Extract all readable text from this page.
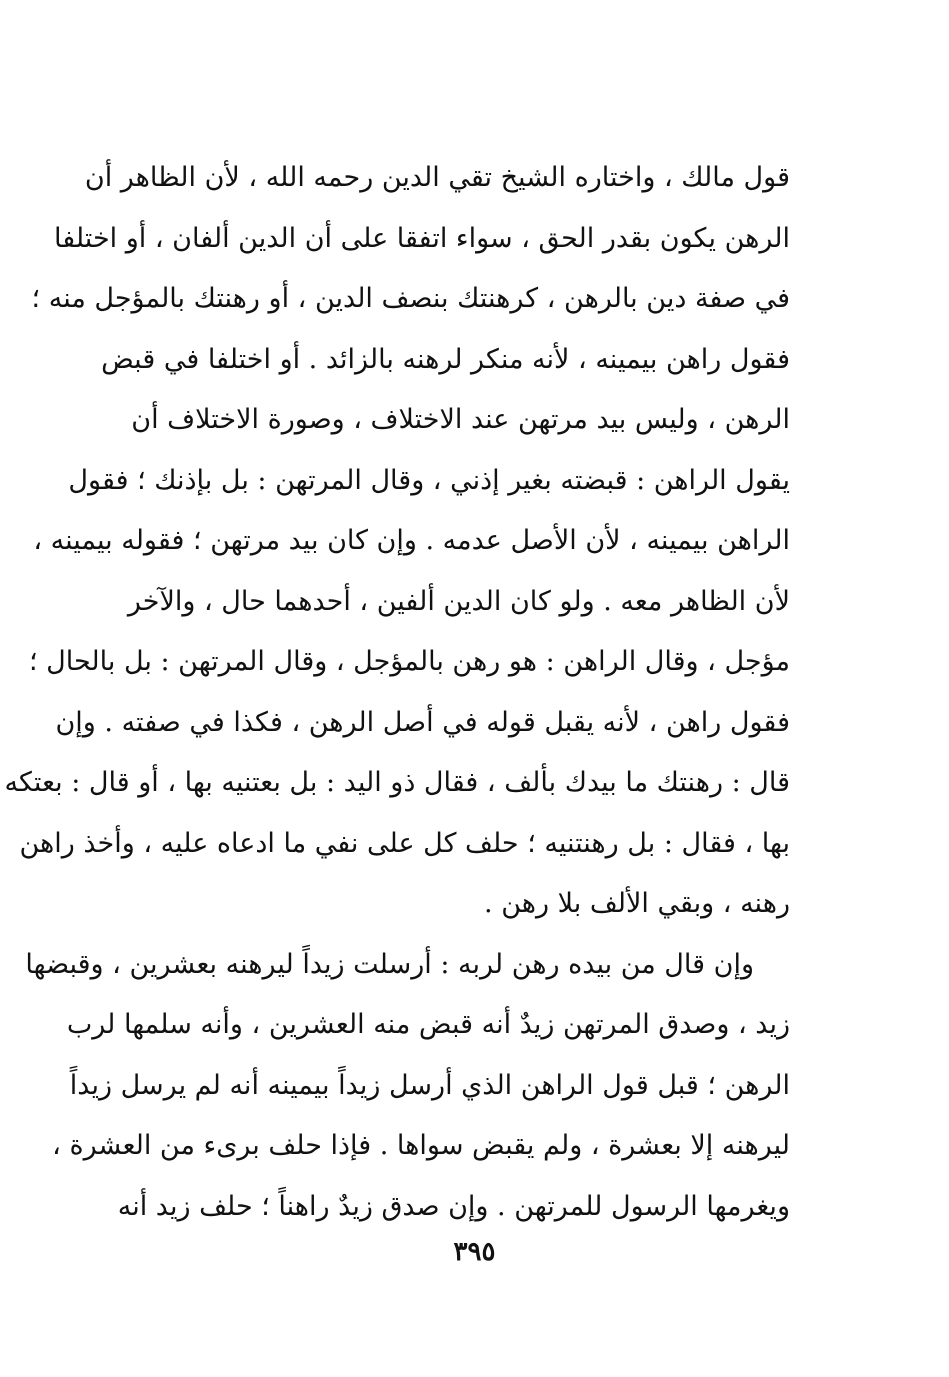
قول مالك ، واختاره الشيخ تقي الدين رحمه الله ، لأن الظاهر أن
الرهن يكون بقدر الحق ، سواء اتفقا على أن الدين ألفان ، أو اختلفا
في صفة دين بالرهن ، كرهنتك بنصف الدين ، أو رهنتك بالمؤجل منه ؛
فقول راهن بيمينه ، لأنه منكر لرهنه بالزائد . أو اختلفا في قبض
الرهن ، وليس بيد مرتهن عند الاختلاف ، وصورة الاختلاف أن
يقول الراهن : قبضته بغير إذني ، وقال المرتهن : بل بإذنك ؛ فقول
الراهن بيمينه ، لأن الأصل عدمه . وإن كان بيد مرتهن ؛ فقوله بيمينه ،
لأن الظاهر معه . ولو كان الدين ألفين ، أحدهما حال ، والآخر
مؤجل ، وقال الراهن : هو رهن بالمؤجل ، وقال المرتهن : بل بالحال ؛
فقول راهن ، لأنه يقبل قوله في أصل الرهن ، فكذا في صفته . وإن
قال : رهنتك ما بيدك بألف ، فقال ذو اليد : بل بعتنيه بها ، أو قال : بعتكه
بها ، فقال : بل رهنتنيه ؛ حلف كل على نفي ما ادعاه عليه ، وأخذ راهن
رهنه ، وبقي الألف بلا رهن .
وإن قال من بيده رهن لربه : أرسلت زيداً ليرهنه بعشرين ، وقبضها
زيد ، وصدق المرتهن زيدٌ أنه قبض منه العشرين ، وأنه سلمها لرب
الرهن ؛ قبل قول الراهن الذي أرسل زيداً بيمينه أنه لم يرسل زيداً
ليرهنه إلا بعشرة ، ولم يقبض سواها . فإذا حلف برىء من العشرة ،
ويغرمها الرسول للمرتهن . وإن صدق زيدٌ راهناً ؛ حلف زيد أنه
٣٩٥
